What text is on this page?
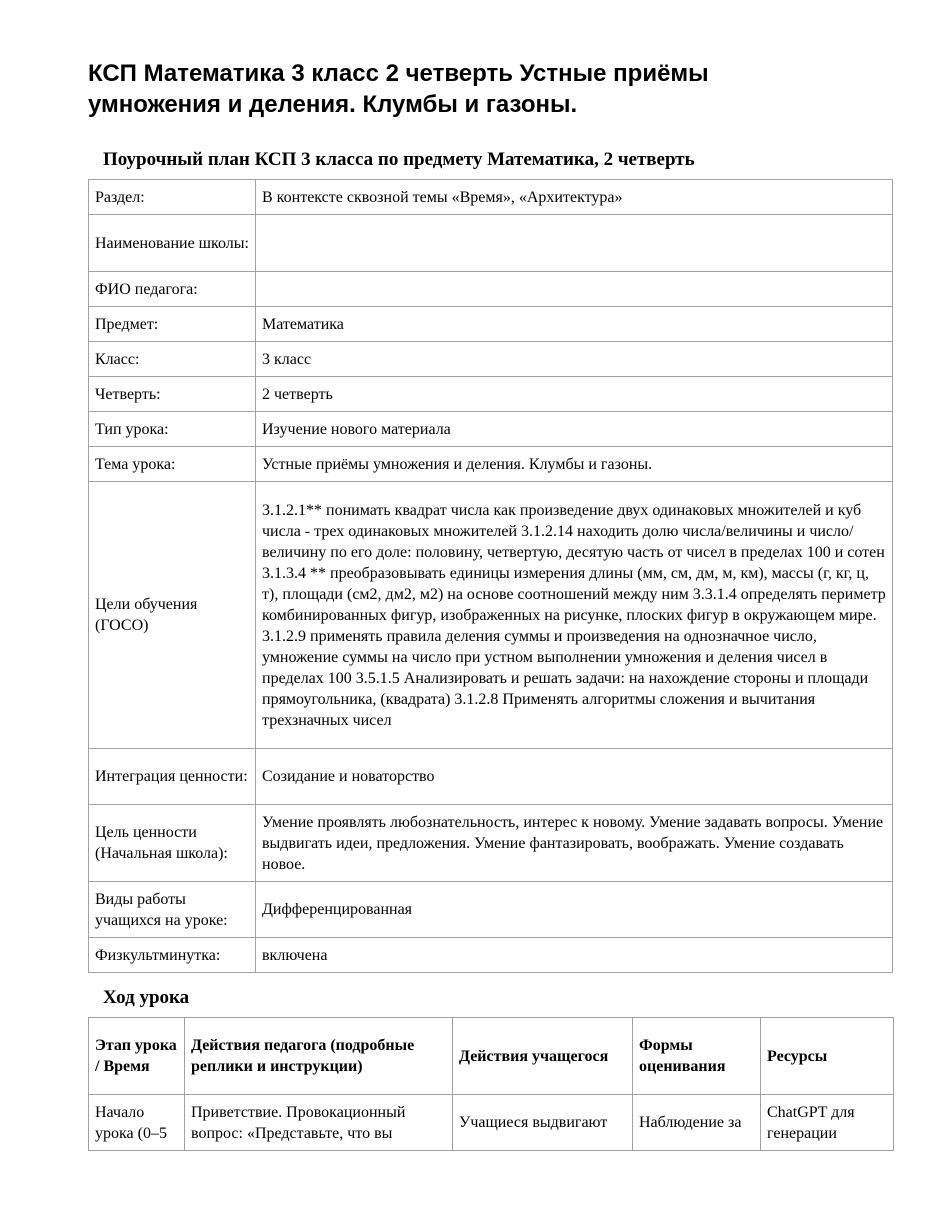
КСП Математика 3 класс 2 четверть Устные приёмы умножения и деления. Клумбы и газоны.
Поурочный план КСП 3 класса по предмету Математика, 2 четверть
Раздел:	В контексте сквозной темы «Время», «Архитектура»
Наименование школы:	
ФИО педагога:	
Предмет:	Математика
Класс:	3 класс
Четверть:	2 четверть
Тип урока:	Изучение нового материала
Тема урока:	Устные приёмы умножения и деления. Клумбы и газоны.
Цели обучения (ГОСО)	3.1.2.1** понимать квадрат числа как произведение двух одинаковых множителей и куб числа - трех одинаковых множителей 3.1.2.14 находить долю числа/величины и число/величину по его доле: половину, четвертую, десятую часть от чисел в пределах 100 и сотен 3.1.3.4 ** преобразовывать единицы измерения длины (мм, см, дм, м, км), массы (г, кг, ц, т), площади (см2, дм2, м2) на основе соотношений между ним 3.3.1.4 определять периметр комбинированных фигур, изображенных на рисунке, плоских фигур в окружающем мире. 3.1.2.9 применять правила деления суммы и произведения на однозначное число, умножение суммы на число при устном выполнении умножения и деления чисел в пределах 100 3.5.1.5 Анализировать и решать задачи: на нахождение стороны и площади прямоугольника, (квадрата) 3.1.2.8 Применять алгоритмы сложения и вычитания трехзначных чисел
Интеграция ценности:	Созидание и новаторство
Цель ценности (Начальная школа):	Умение проявлять любознательность, интерес к новому. Умение задавать вопросы. Умение выдвигать идеи, предложения. Умение фантазировать, воображать. Умение создавать новое.
Виды работы учащихся на уроке:	Дифференцированная
Физкультминутка:	включена
Ход урока
Этап урока / Время	Действия педагога (подробные реплики и инструкции)	Действия учащегося	Формы оценивания	Ресурсы
Начало урока (0–5	Приветствие. Провокационный вопрос: «Представьте, что вы	Учащиеся выдвигают	Наблюдение за	ChatGPT для генерации
